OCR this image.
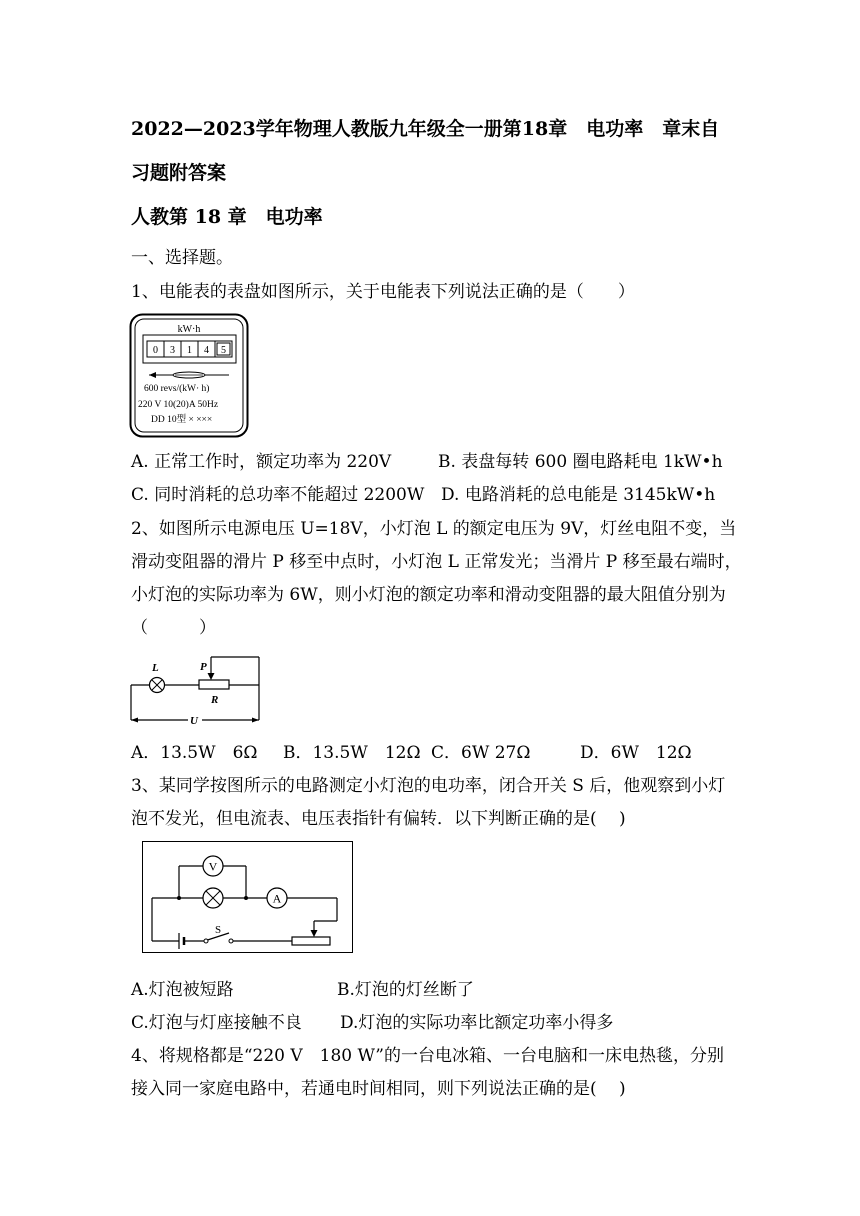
2022—2023学年物理人教版九年级全一册第18章　电功率　章末自
习题附答案
人教第 18 章　电功率
一、选择题。
1、电能表的表盘如图所示，关于电能表下列说法正确的是（　　）
kW·h
0 3 1 4 5
600 revs/(kW· h)
220 V 10(20)A 50Hz
DD 10型 × ×××
A. 正常工作时，额定功率为 220V	B. 表盘每转 600 圈电路耗电 1kW•h
C. 同时消耗的总功率不能超过 2200W D. 电路消耗的总电能是 3145kW•h
2、如图所示电源电压 U=18V，小灯泡 L 的额定电压为 9V，灯丝电阻不变，当
滑动变阻器的滑片 P 移至中点时，小灯泡 L 正常发光；当滑片 P 移至最右端时，
小灯泡的实际功率为 6W，则小灯泡的额定功率和滑动变阻器的最大阻值分别为
（　　　）
L	P
R
U
A．13.5W　6Ω B．13.5W　12Ω C．6W 27Ω	D．6W　12Ω
3、某同学按图所示的电路测定小灯泡的电功率，闭合开关 S 后，他观察到小灯
泡不发光，但电流表、电压表指针有偏转．以下判断正确的是(　 )
V
A
S
A.灯泡被短路	B.灯泡的灯丝断了
C.灯泡与灯座接触不良 D.灯泡的实际功率比额定功率小得多
4、将规格都是“220 V　180 W”的一台电冰箱、一台电脑和一床电热毯，分别
接入同一家庭电路中，若通电时间相同，则下列说法正确的是(　 )
